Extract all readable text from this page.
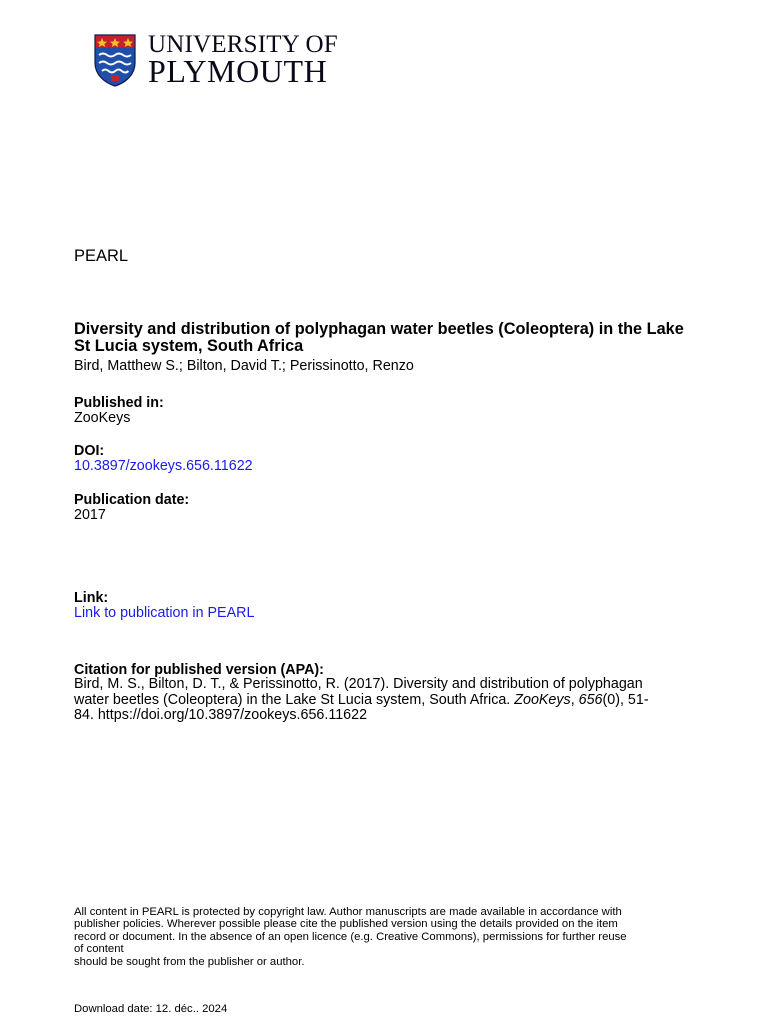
UNIVERSITY OF
PLYMOUTH
PEARL
Diversity and distribution of polyphagan water beetles (Coleoptera) in the Lake
St Lucia system, South Africa
Bird, Matthew S.; Bilton, David T.; Perissinotto, Renzo
Published in:
ZooKeys
DOI:
10.3897/zookeys.656.11622
Publication date:
2017
Link:
Link to publication in PEARL
Citation for published version (APA):
Bird, M. S., Bilton, D. T., & Perissinotto, R. (2017). Diversity and distribution of polyphagan
water beetles (Coleoptera) in the Lake St Lucia system, South Africa. ZooKeys, 656(0), 51-
84. https://doi.org/10.3897/zookeys.656.11622
All content in PEARL is protected by copyright law. Author manuscripts are made available in accordance with
publisher policies. Wherever possible please cite the published version using the details provided on the item
record or document. In the absence of an open licence (e.g. Creative Commons), permissions for further reuse
of content
should be sought from the publisher or author.
Download date: 12. déc.. 2024
